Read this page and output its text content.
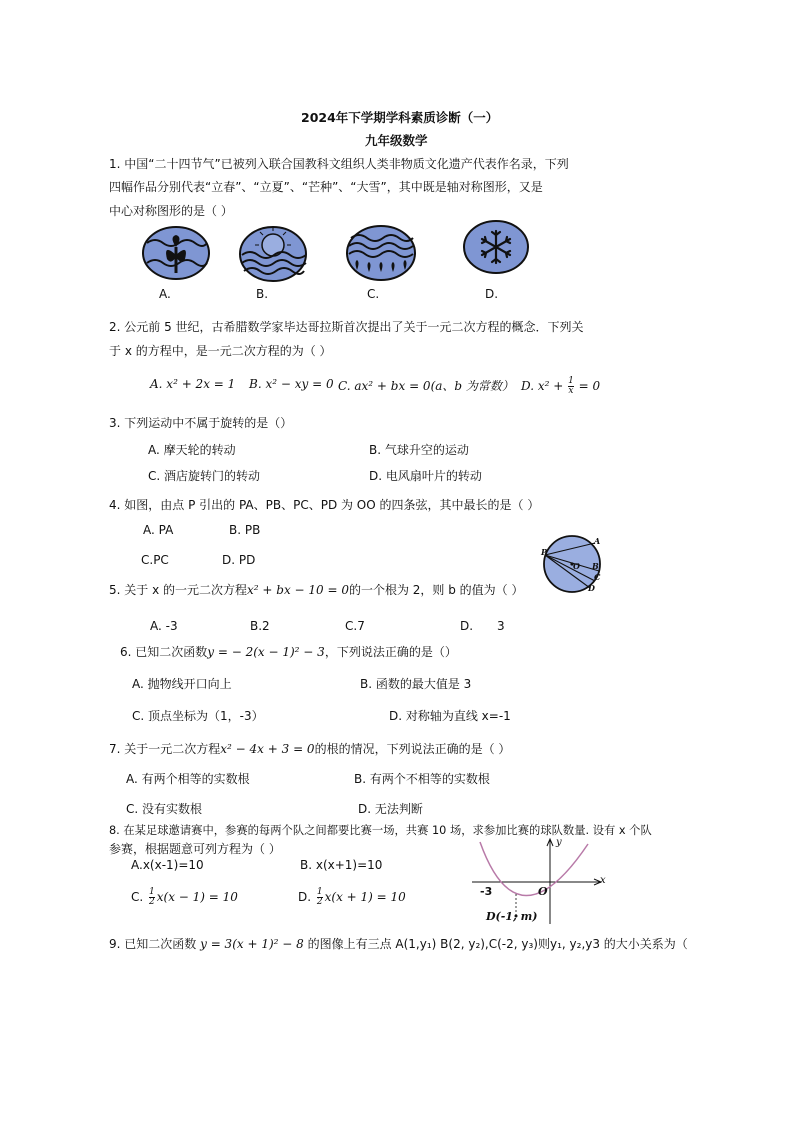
2024年下学期学科素质诊断（一）
九年级数学
1. 中国“二十四节气”已被列入联合国教科文组织人类非物质文化遗产代表作名录，下列
四幅作品分别代表“立春”、“立夏”、“芒种”、“大雪”，其中既是轴对称图形，又是
中心对称图形的是（ ）
A.	B.	C.	D.
2. 公元前 5 世纪，古希腊数学家毕达哥拉斯首次提出了关于一元二次方程的概念．下列关
于 x 的方程中，是一元二次方程的为（ ）
A. x² + 2x = 1 B. x² − xy = 0 C. ax² + bx = 0(a、b 为常数） D. $x^2 + \frac{1}{x} = 0$
3. 下列运动中不属于旋转的是（）
A. 摩天轮的转动	B. 气球升空的运动
C. 酒店旋转门的转动	D. 电风扇叶片的转动
4. 如图，由点 P 引出的 PA、PB、PC、PD 为 OO 的四条弦，其中最长的是（ ）
A. PA	B. PB
C.PC	D. PD
P
A
O B
C
D
5. 关于 x 的一元二次方程x² + bx − 10 = 0的一个根为 2，则 b 的值为（ ）
A. -3	B.2	C.7	D. 3
6. 已知二次函数y = − 2(x − 1)² − 3，下列说法正确的是（）
A. 抛物线开口向上	B. 函数的最大值是 3
C. 顶点坐标为（1，-3）	D. 对称轴为直线 x=-1
7. 关于一元二次方程x² − 4x + 3 = 0的根的情况，下列说法正确的是（ ）
A. 有两个相等的实数根	B. 有两个不相等的实数根
C. 没有实数根	D. 无法判断
8. 在某足球邀请赛中，参赛的每两个队之间都要比赛一场，共赛 10 场，求参加比赛的球队数量. 设有 x 个队
参赛，根据题意可列方程为（ ）
A.x(x-1)=10	B. x(x+1)=10
C. $\frac{1}{2} x(x - 1) = 10$	D. $\frac{1}{2} x(x + 1) = 10$
y
x
-3	O
D(-1, m)
9. 已知二次函数 y = 3(x + 1)² − 8 的图像上有三点 A(1,y₁) B(2, y₂),C(-2, y₃)则y₁, y₂,y3 的大小关系为（
